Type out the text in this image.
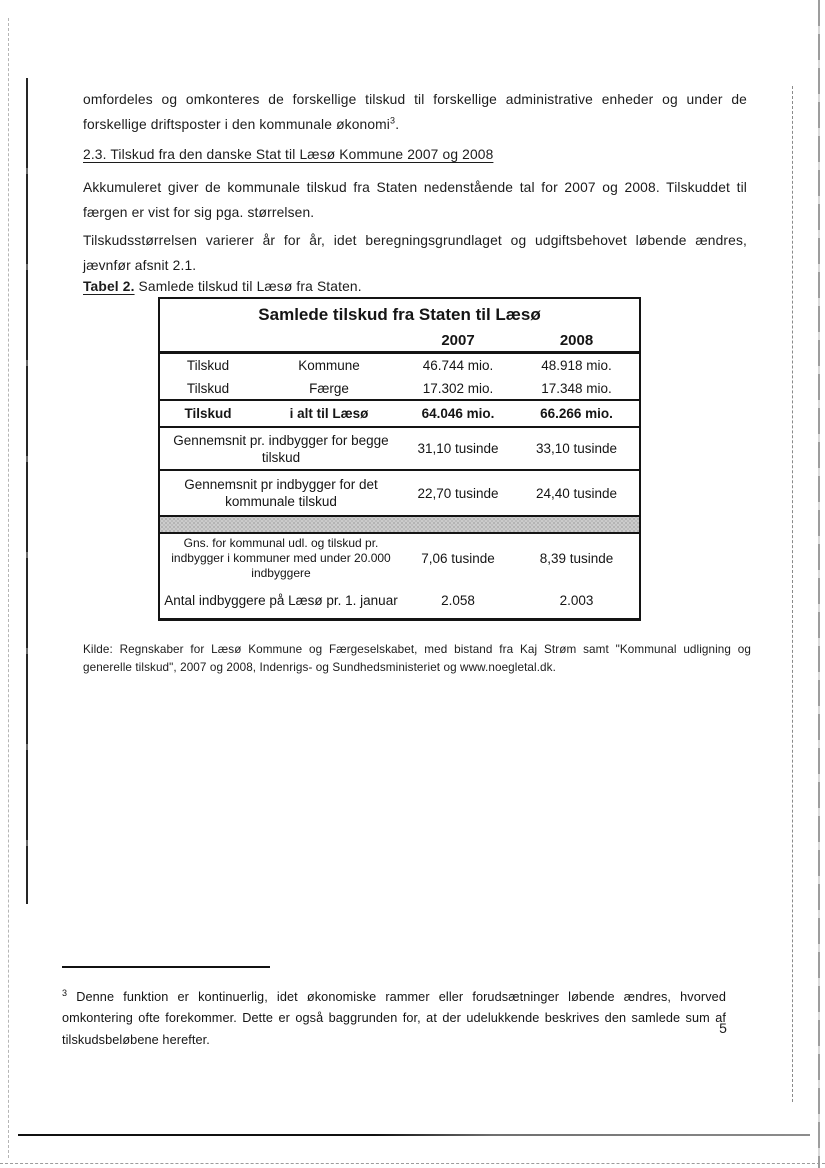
omfordeles og omkonteres de forskellige tilskud til forskellige administrative enheder og under de forskellige driftsposter i den kommunale økonomi$^3$.

2.3. Tilskud fra den danske Stat til Læsø Kommune 2007 og 2008

Akkumuleret giver de kommunale tilskud fra Staten nedenstående tal for 2007 og 2008. Tilskuddet til færgen er vist for sig pga. størrelsen.

Tilskudsstørrelsen varierer år for år, idet beregningsgrundlaget og udgiftsbehovet løbende ændres, jævnfør afsnit 2.1.

Tabel 2. Samlede tilskud til Læsø fra Staten.

Samlede tilskud fra Staten til Læsø			
		2007	2008
Tilskud	Kommune	46.744 mio.	48.918 mio.
Tilskud	Færge	17.302 mio.	17.348 mio.
Tilskud	i alt til Læsø	64.046 mio.	66.266 mio.
Gennemsnit pr. indbygger for begge tilskud		31,10 tusinde	33,10 tusinde
Gennemsnit pr indbygger for det kommunale tilskud		22,70 tusinde	24,40 tusinde

Gns. for kommunal udl. og tilskud pr. indbygger i kommuner med under 20.000 indbyggere		7,06 tusinde	8,39 tusinde
Antal indbyggere på Læsø pr. 1. januar		2.058	2.003

Kilde: Regnskaber for Læsø Kommune og Færgeselskabet, med bistand fra Kaj Strøm samt "Kommunal udligning og generelle tilskud", 2007 og 2008, Indenrigs- og Sundhedsministeriet og www.noegletal.dk.

$^3$ Denne funktion er kontinuerlig, idet økonomiske rammer eller forudsætninger løbende ændres, hvorved omkontering ofte forekommer. Dette er også baggrunden for, at der udelukkende beskrives den samlede sum af tilskudsbeløbene herefter.

5
